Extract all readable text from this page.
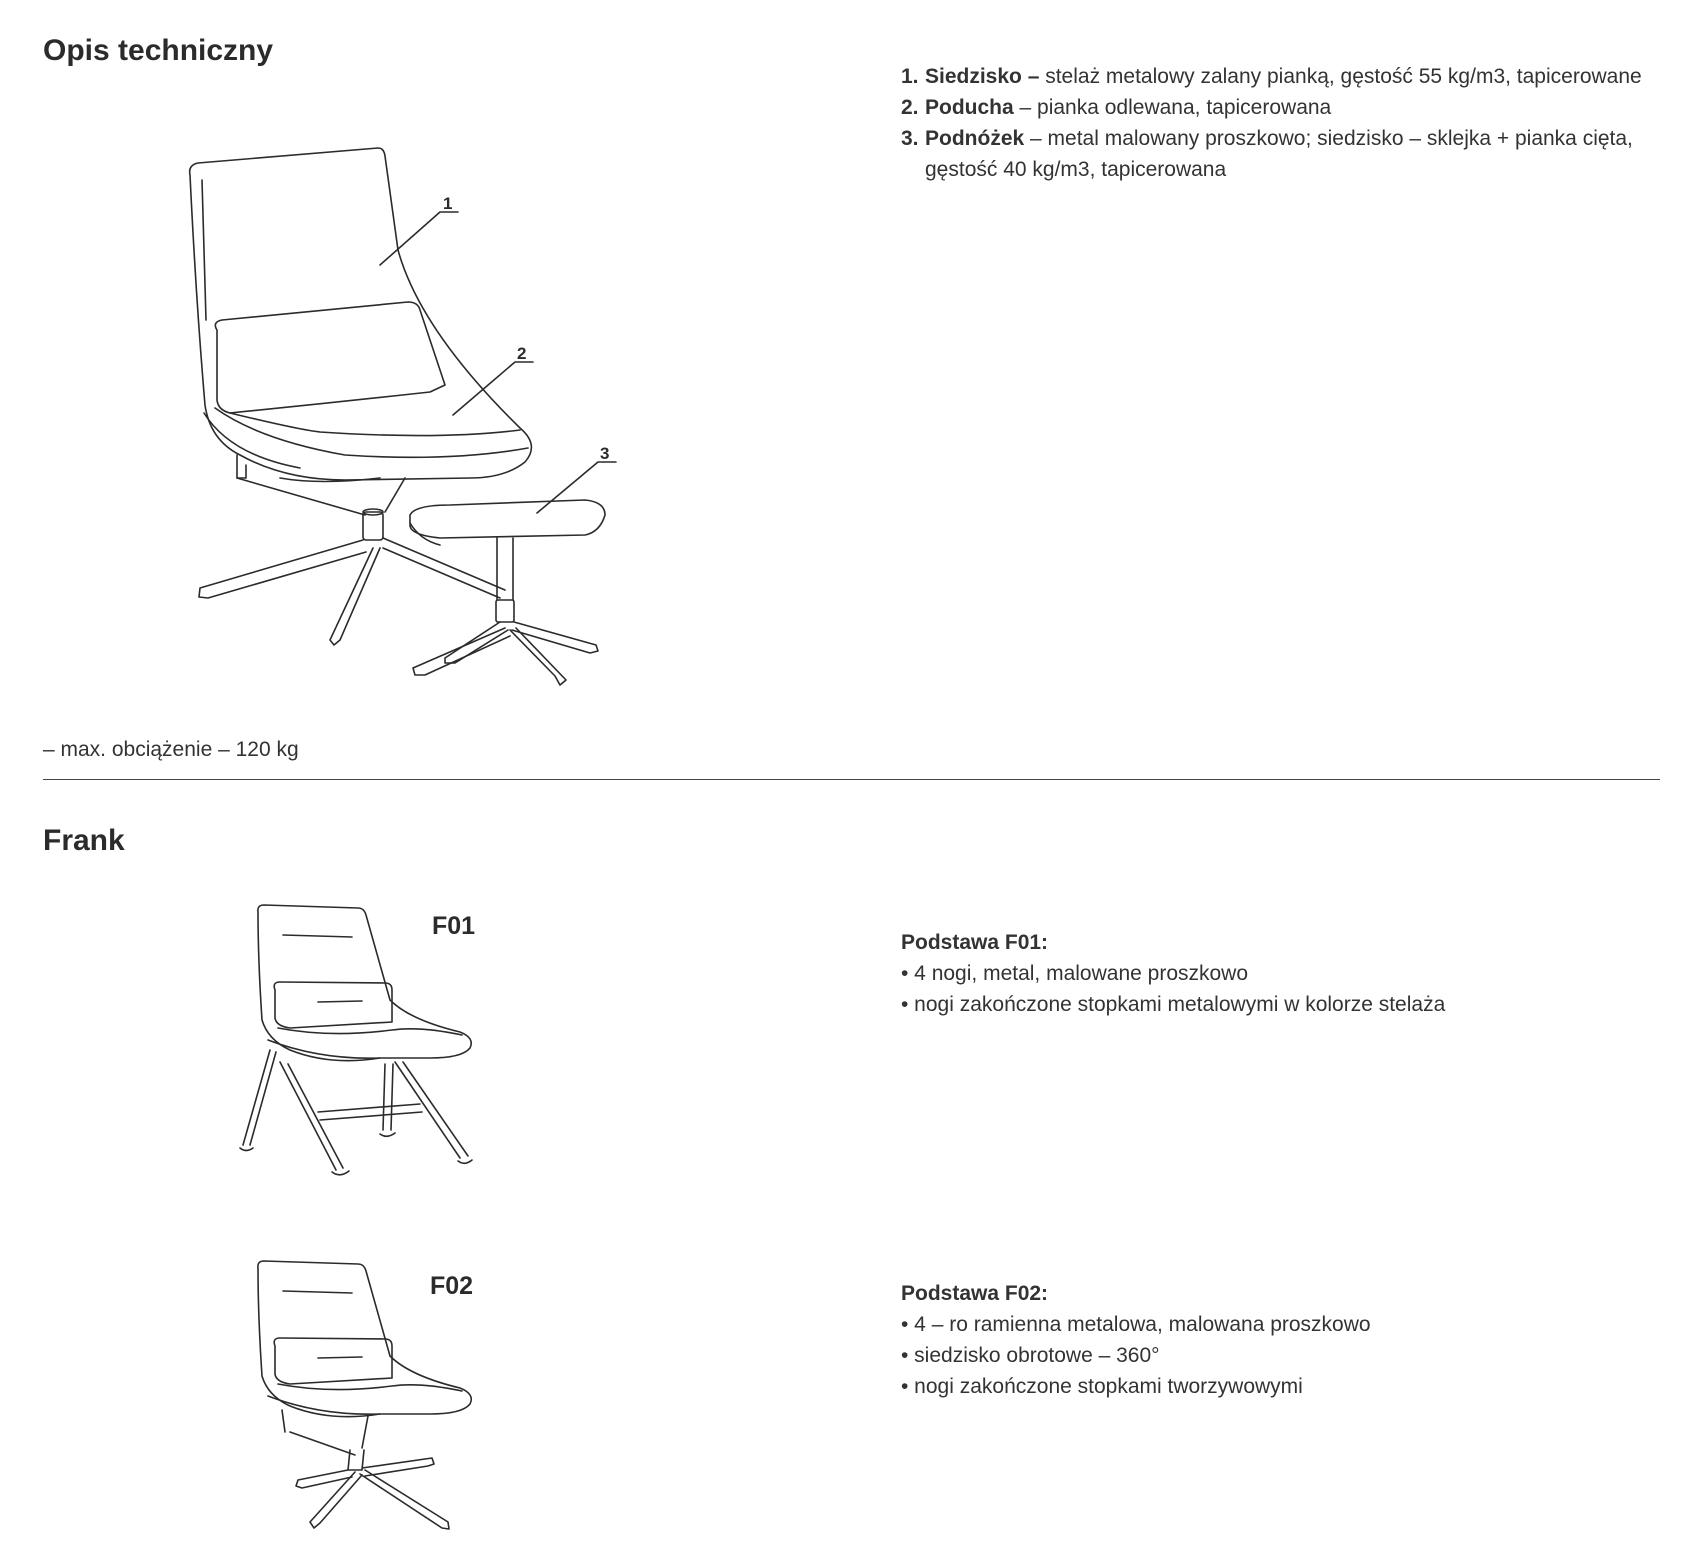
Opis techniczny
1
2
3
1. Siedzisko – stelaż metalowy zalany pianką, gęstość 55 kg/m3, tapicerowane
2. Poducha – pianka odlewana, tapicerowana
3. Podnóżek – metal malowany proszkowo; siedzisko – sklejka + pianka cięta, gęstość 40 kg/m3, tapicerowana
– max. obciążenie – 120 kg
Frank
F01
Podstawa F01:
• 4 nogi, metal, malowane proszkowo
• nogi zakończone stopkami metalowymi w kolorze stelaża
F02	Podstawa F02:
• 4 – ro ramienna metalowa, malowana proszkowo
• siedzisko obrotowe – 360°
• nogi zakończone stopkami tworzywowymi
